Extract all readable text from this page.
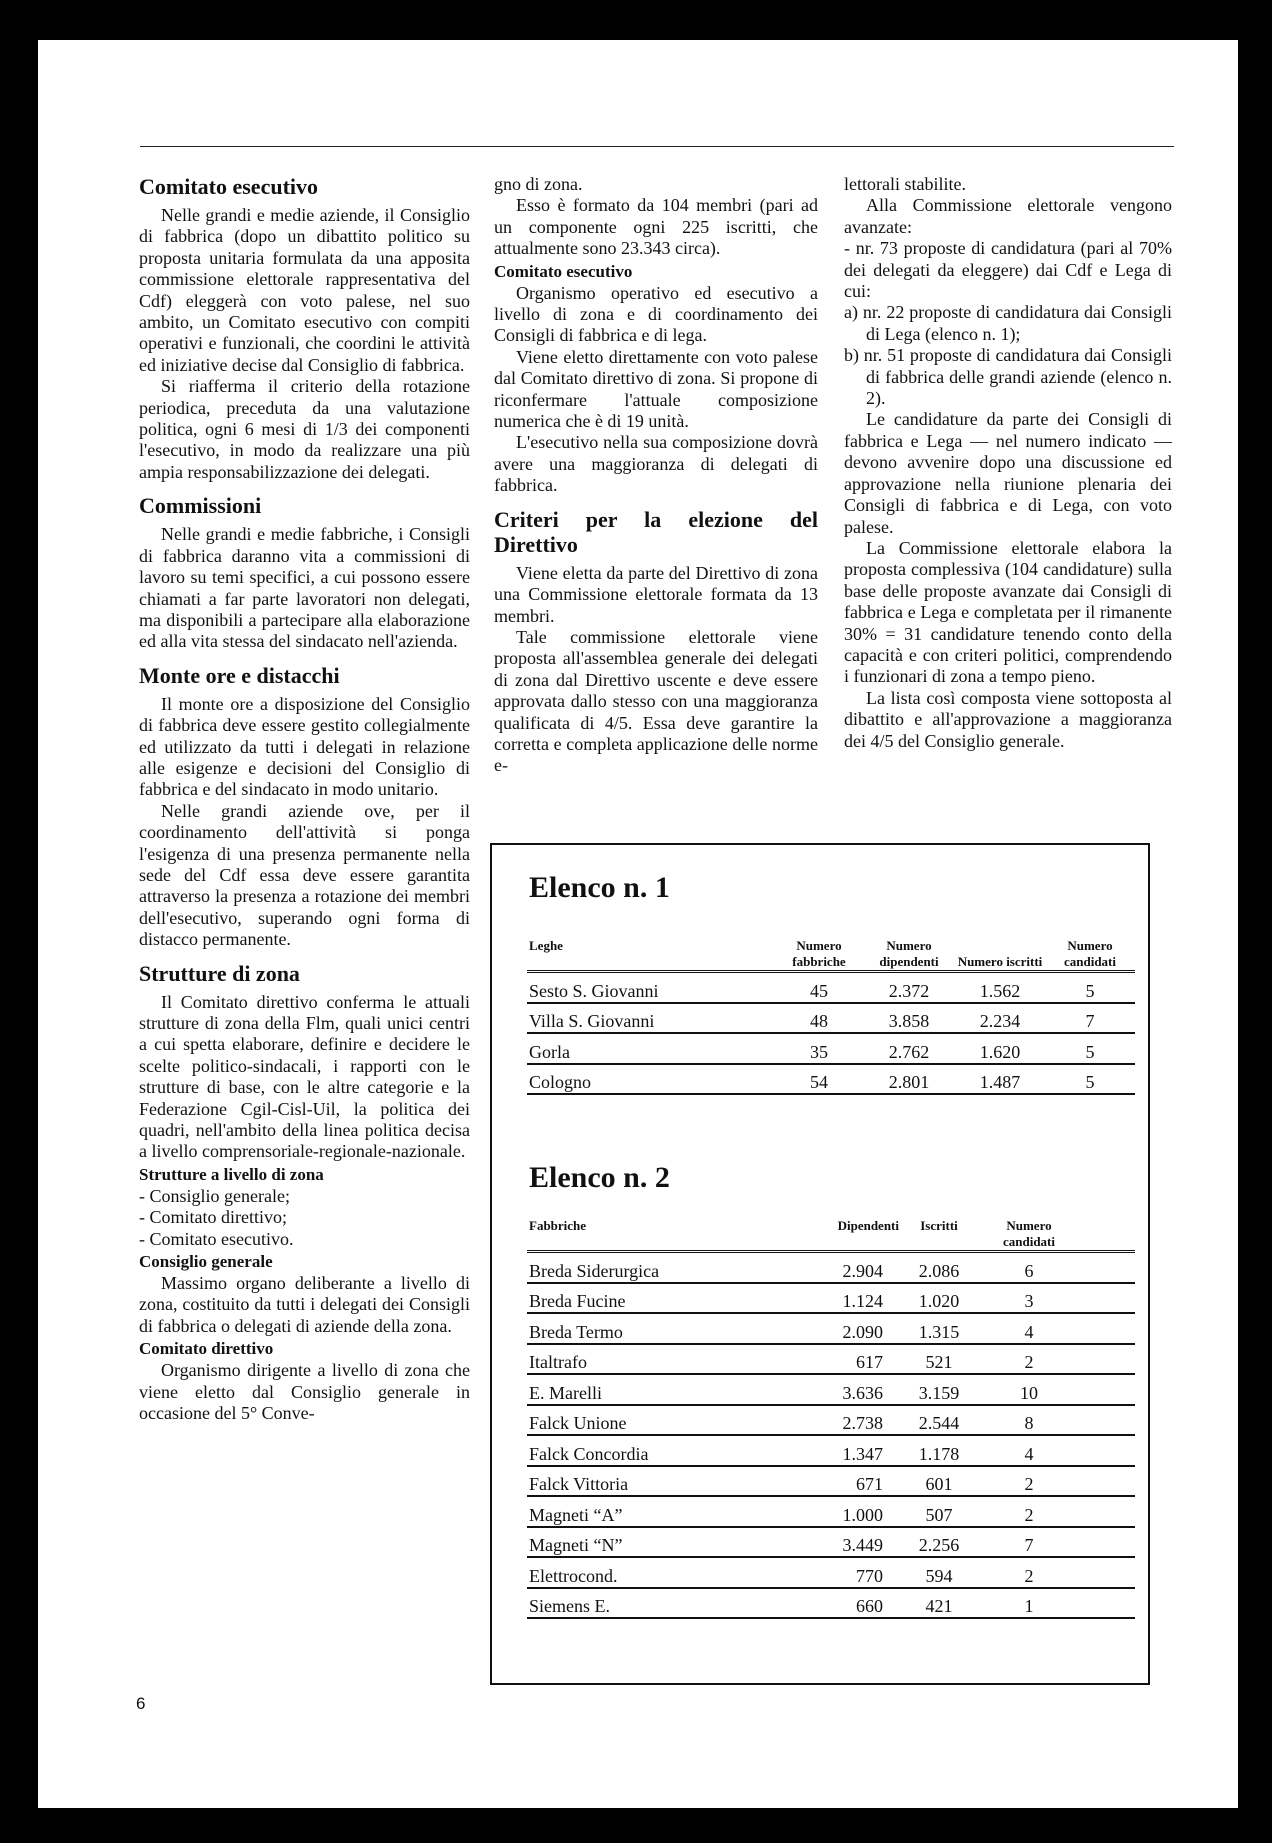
Comitato esecutivo

Nelle grandi e medie aziende, il Consiglio di fabbrica (dopo un dibattito politico su proposta unitaria formulata da una apposita commissione elettorale rappresentativa del Cdf) eleggerà con voto palese, nel suo ambito, un Comitato esecutivo con compiti operativi e funzionali, che coordini le attività ed iniziative decise dal Consiglio di fabbrica.

Si riafferma il criterio della rotazione periodica, preceduta da una valutazione politica, ogni 6 mesi di 1/3 dei componenti l'esecutivo, in modo da realizzare una più ampia responsabilizzazione dei delegati.

Commissioni

Nelle grandi e medie fabbriche, i Consigli di fabbrica daranno vita a commissioni di lavoro su temi specifici, a cui possono essere chiamati a far parte lavoratori non delegati, ma disponibili a partecipare alla elaborazione ed alla vita stessa del sindacato nell'azienda.

Monte ore e distacchi

Il monte ore a disposizione del Consiglio di fabbrica deve essere gestito collegialmente ed utilizzato da tutti i delegati in relazione alle esigenze e decisioni del Consiglio di fabbrica e del sindacato in modo unitario.

Nelle grandi aziende ove, per il coordinamento dell'attività si ponga l'esigenza di una presenza permanente nella sede del Cdf essa deve essere garantita attraverso la presenza a rotazione dei membri dell'esecutivo, superando ogni forma di distacco permanente.

Strutture di zona

Il Comitato direttivo conferma le attuali strutture di zona della Flm, quali unici centri a cui spetta elaborare, definire e decidere le scelte politico-sindacali, i rapporti con le strutture di base, con le altre categorie e la Federazione Cgil-Cisl-Uil, la politica dei quadri, nell'ambito della linea politica decisa a livello comprensoriale-regionale-nazionale.

Strutture a livello di zona
- Consiglio generale;
- Comitato direttivo;
- Comitato esecutivo.
Consiglio generale

Massimo organo deliberante a livello di zona, costituito da tutti i delegati dei Consigli di fabbrica o delegati di aziende della zona.

Comitato direttivo

Organismo dirigente a livello di zona che viene eletto dal Consiglio generale in occasione del 5° Conve-

gno di zona.

Esso è formato da 104 membri (pari ad un componente ogni 225 iscritti, che attualmente sono 23.343 circa).

Comitato esecutivo

Organismo operativo ed esecutivo a livello di zona e di coordinamento dei Consigli di fabbrica e di lega.

Viene eletto direttamente con voto palese dal Comitato direttivo di zona. Si propone di riconfermare l'attuale composizione numerica che è di 19 unità.

L'esecutivo nella sua composizione dovrà avere una maggioranza di delegati di fabbrica.

Criteri per la elezione del Direttivo

Viene eletta da parte del Direttivo di zona una Commissione elettorale formata da 13 membri.

Tale commissione elettorale viene proposta all'assemblea generale dei delegati di zona dal Direttivo uscente e deve essere approvata dallo stesso con una maggioranza qualificata di 4/5. Essa deve garantire la corretta e completa applicazione delle norme e-

lettorali stabilite.

Alla Commissione elettorale vengono avanzate:

- nr. 73 proposte di candidatura (pari al 70% dei delegati da eleggere) dai Cdf e Lega di cui:

a) nr. 22 proposte di candidatura dai Consigli di Lega (elenco n. 1);

b) nr. 51 proposte di candidatura dai Consigli di fabbrica delle grandi aziende (elenco n. 2).

Le candidature da parte dei Consigli di fabbrica e Lega — nel numero indicato — devono avvenire dopo una discussione ed approvazione nella riunione plenaria dei Consigli di fabbrica e di Lega, con voto palese.

La Commissione elettorale elabora la proposta complessiva (104 candidature) sulla base delle proposte avanzate dai Consigli di fabbrica e Lega e completata per il rimanente 30% = 31 candidature tenendo conto della capacità e con criteri politici, comprendendo i funzionari di zona a tempo pieno.

La lista così composta viene sottoposta al dibattito e all'approvazione a maggioranza dei 4/5 del Consiglio generale.

Elenco n. 1
Leghe	Numero fabbriche	Numero dipendenti	Numero iscritti	Numero candidati
Sesto S. Giovanni	45	2.372	1.562	5
Villa S. Giovanni	48	3.858	2.234	7
Gorla	35	2.762	1.620	5
Cologno	54	2.801	1.487	5
Elenco n. 2
Fabbriche	Dipendenti	Iscritti	Numero candidati	
Breda Siderurgica	2.904	2.086	6	
Breda Fucine	1.124	1.020	3	
Breda Termo	2.090	1.315	4	
Italtrafo	617	521	2	
E. Marelli	3.636	3.159	10	
Falck Unione	2.738	2.544	8	
Falck Concordia	1.347	1.178	4	
Falck Vittoria	671	601	2	
Magneti “A”	1.000	507	2	
Magneti “N”	3.449	2.256	7	
Elettrocond.	770	594	2	
Siemens E.	660	421	1	
6
